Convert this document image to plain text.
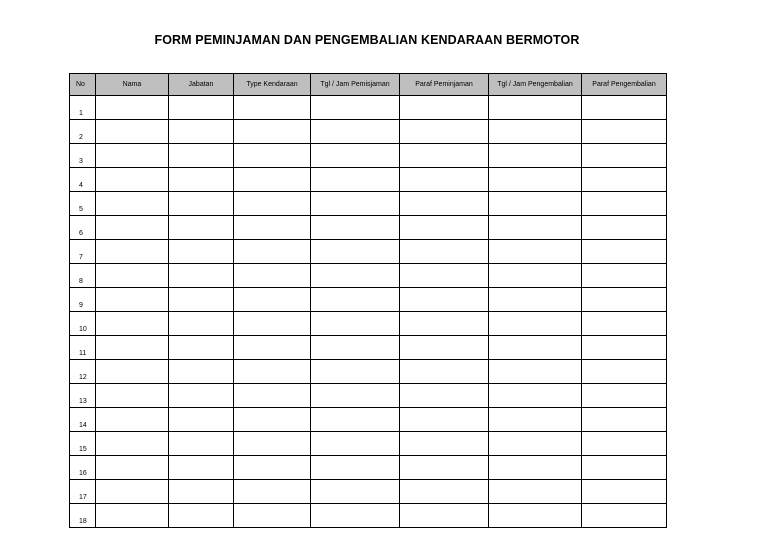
FORM PEMINJAMAN DAN PENGEMBALIAN KENDARAAN BERMOTOR
No	Nama	Jabatan	Type Kendaraan	Tgl / Jam Pemisjaman	Paraf Peminjaman	Tgl / Jam Pengembalian	Paraf Pengembalian
1							
2							
3							
4							
5							
6							
7							
8							
9							
10							
11							
12							
13							
14							
15							
16							
17							
18							
